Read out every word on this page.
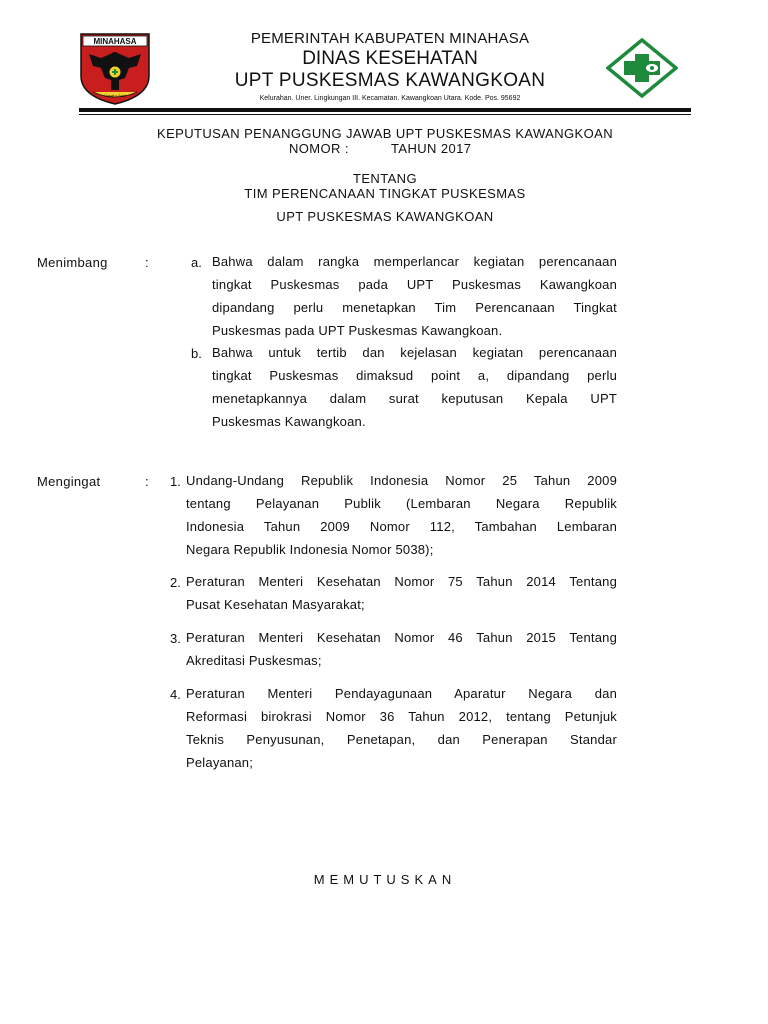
MINAHASA
I Yayat u Santi
PEMERINTAH KABUPATEN MINAHASA
DINAS KESEHATAN
UPT PUSKESMAS KAWANGKOAN
Kelurahan. Uner. Lingkungan III. Kecamatan. Kawangkoan Utara. Kode. Pos. 95692
KEPUTUSAN PENANGGUNG JAWAB UPT PUSKESMAS KAWANGKOAN
NOMOR :	TAHUN 2017
TENTANG
TIM PERENCANAAN TINGKAT PUSKESMAS
UPT PUSKESMAS KAWANGKOAN
Menimbang	:	a. Bahwa dalam rangka memperlancar kegiatan perencanaan
tingkat Puskesmas pada UPT Puskesmas Kawangkoan
dipandang perlu menetapkan Tim Perencanaan Tingkat
Puskesmas pada UPT Puskesmas Kawangkoan.
b. Bahwa untuk tertib dan kejelasan kegiatan perencanaan
tingkat Puskesmas dimaksud point a, dipandang perlu
menetapkannya dalam surat keputusan Kepala UPT
Puskesmas Kawangkoan.
Mengingat	: 1. Undang-Undang Republik Indonesia Nomor 25 Tahun 2009
tentang Pelayanan Publik (Lembaran Negara Republik
Indonesia Tahun 2009 Nomor 112, Tambahan Lembaran
Negara Republik Indonesia Nomor 5038);
2. Peraturan Menteri Kesehatan Nomor 75 Tahun 2014 Tentang
Pusat Kesehatan Masyarakat;
3. Peraturan Menteri Kesehatan Nomor 46 Tahun 2015 Tentang
Akreditasi Puskesmas;
4. Peraturan Menteri Pendayagunaan Aparatur Negara dan
Reformasi birokrasi Nomor 36 Tahun 2012, tentang Petunjuk
Teknis Penyusunan, Penetapan, dan Penerapan Standar
Pelayanan;
MEMUTUSKAN
